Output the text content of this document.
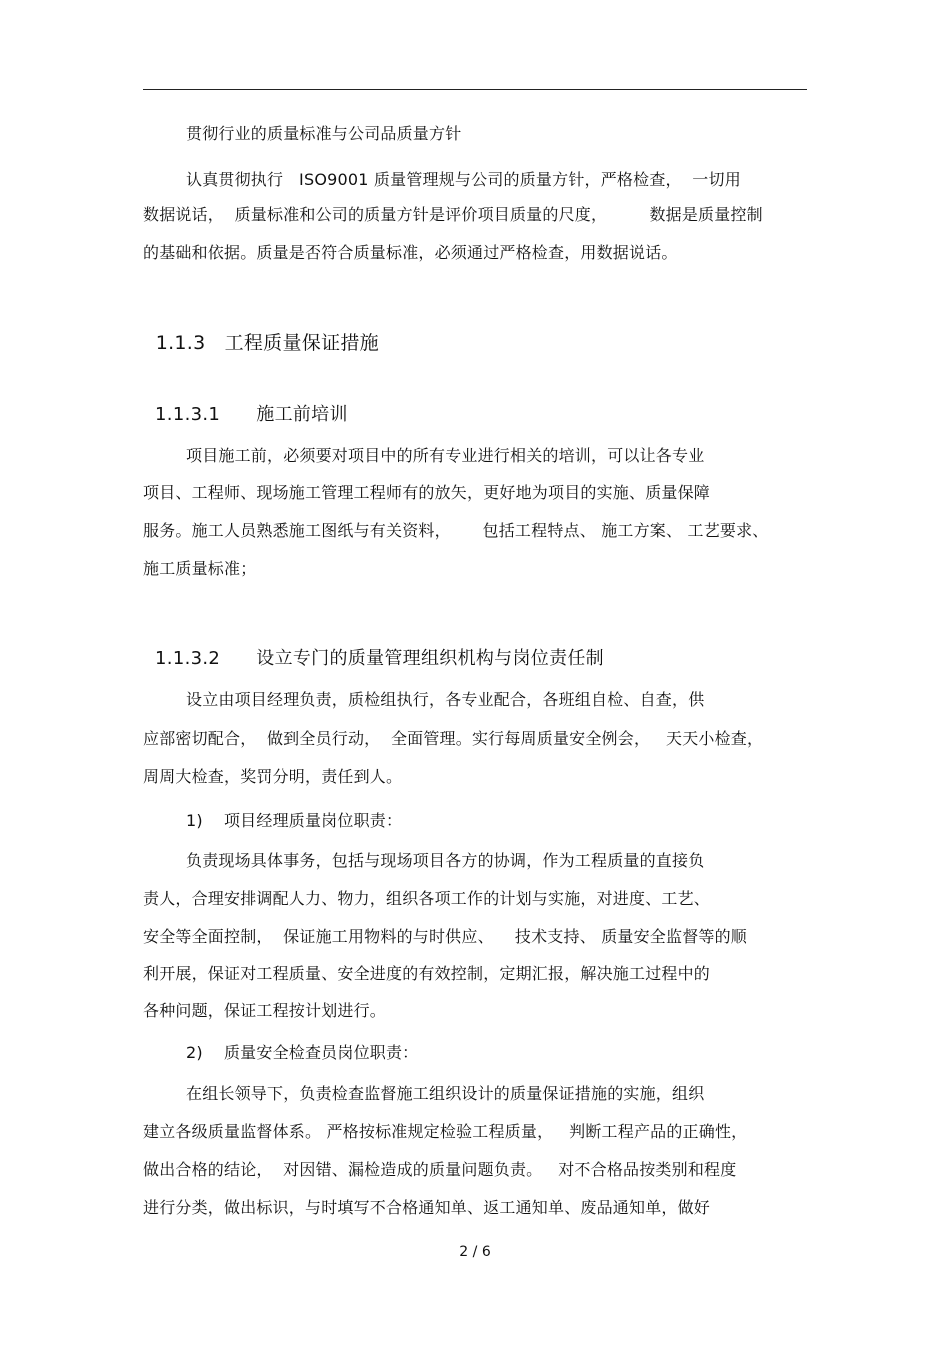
贯彻行业的质量标准与公司品质量方针
认真贯彻执行   ISO9001 质量管理规与公司的质量方针，严格检查，  一切用
数据说话，  质量标准和公司的质量方针是评价项目质量的尺度，        数据是质量控制
的基础和依据。质量是否符合质量标准，必须通过严格检查，用数据说话。

1.1.3 工程质量保证措施

1.1.3.1 施工前培训

项目施工前，必须要对项目中的所有专业进行相关的培训，可以让各专业
项目、工程师、现场施工管理工程师有的放矢，更好地为项目的实施、质量保障
服务。施工人员熟悉施工图纸与有关资料，      包括工程特点、 施工方案、 工艺要求、
施工质量标准；

1.1.3.2 设立专门的质量管理组织机构与岗位责任制

设立由项目经理负责，质检组执行，各专业配合，各班组自检、自查，供
应部密切配合，  做到全员行动，  全面管理。实行每周质量安全例会，   天天小检查，
周周大检查，奖罚分明，责任到人。
1)    项目经理质量岗位职责：
负责现场具体事务，包括与现场项目各方的协调，作为工程质量的直接负
责人，合理安排调配人力、物力，组织各项工作的计划与实施，对进度、工艺、
安全等全面控制，  保证施工用物料的与时供应、    技术支持、 质量安全监督等的顺
利开展，保证对工程质量、安全进度的有效控制，定期汇报，解决施工过程中的
各种问题，保证工程按计划进行。
2)    质量安全检查员岗位职责：
在组长领导下，负责检查监督施工组织设计的质量保证措施的实施，组织
建立各级质量监督体系。 严格按标准规定检验工程质量，   判断工程产品的正确性，
做出合格的结论，  对因错、漏检造成的质量问题负责。   对不合格品按类别和程度
进行分类，做出标识，与时填写不合格通知单、返工通知单、废品通知单，做好
2 / 6
